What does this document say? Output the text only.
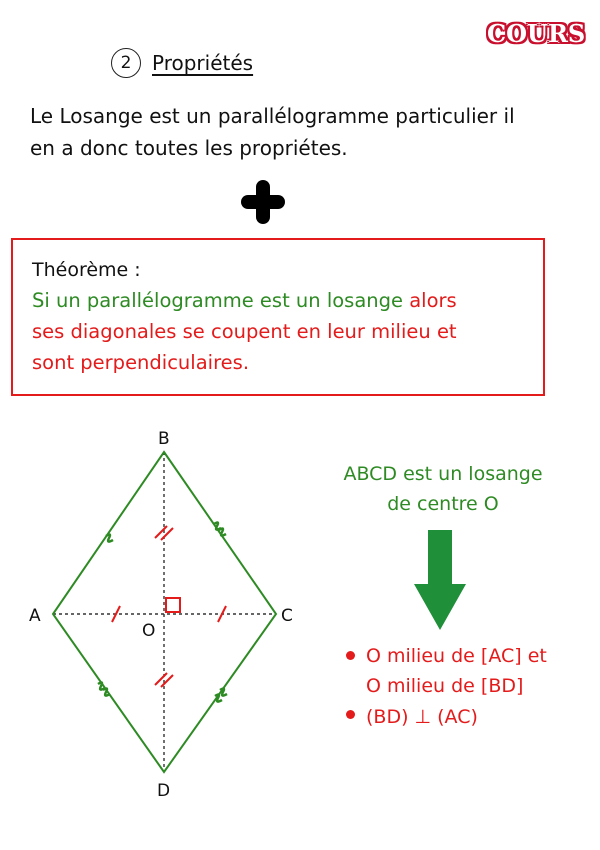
COURS
2	Propriétés
Le Losange est un parallélogramme particulier il
en a donc toutes les propriétes.
Théorème :
Si un parallélogramme est un losange alors
ses diagonales se coupent en leur milieu et
sont perpendiculaires.
B
A	C
D
O
ABCD est un losange
de centre O
O milieu de [AC] et
O milieu de [BD]
(BD) ⊥ (AC)
